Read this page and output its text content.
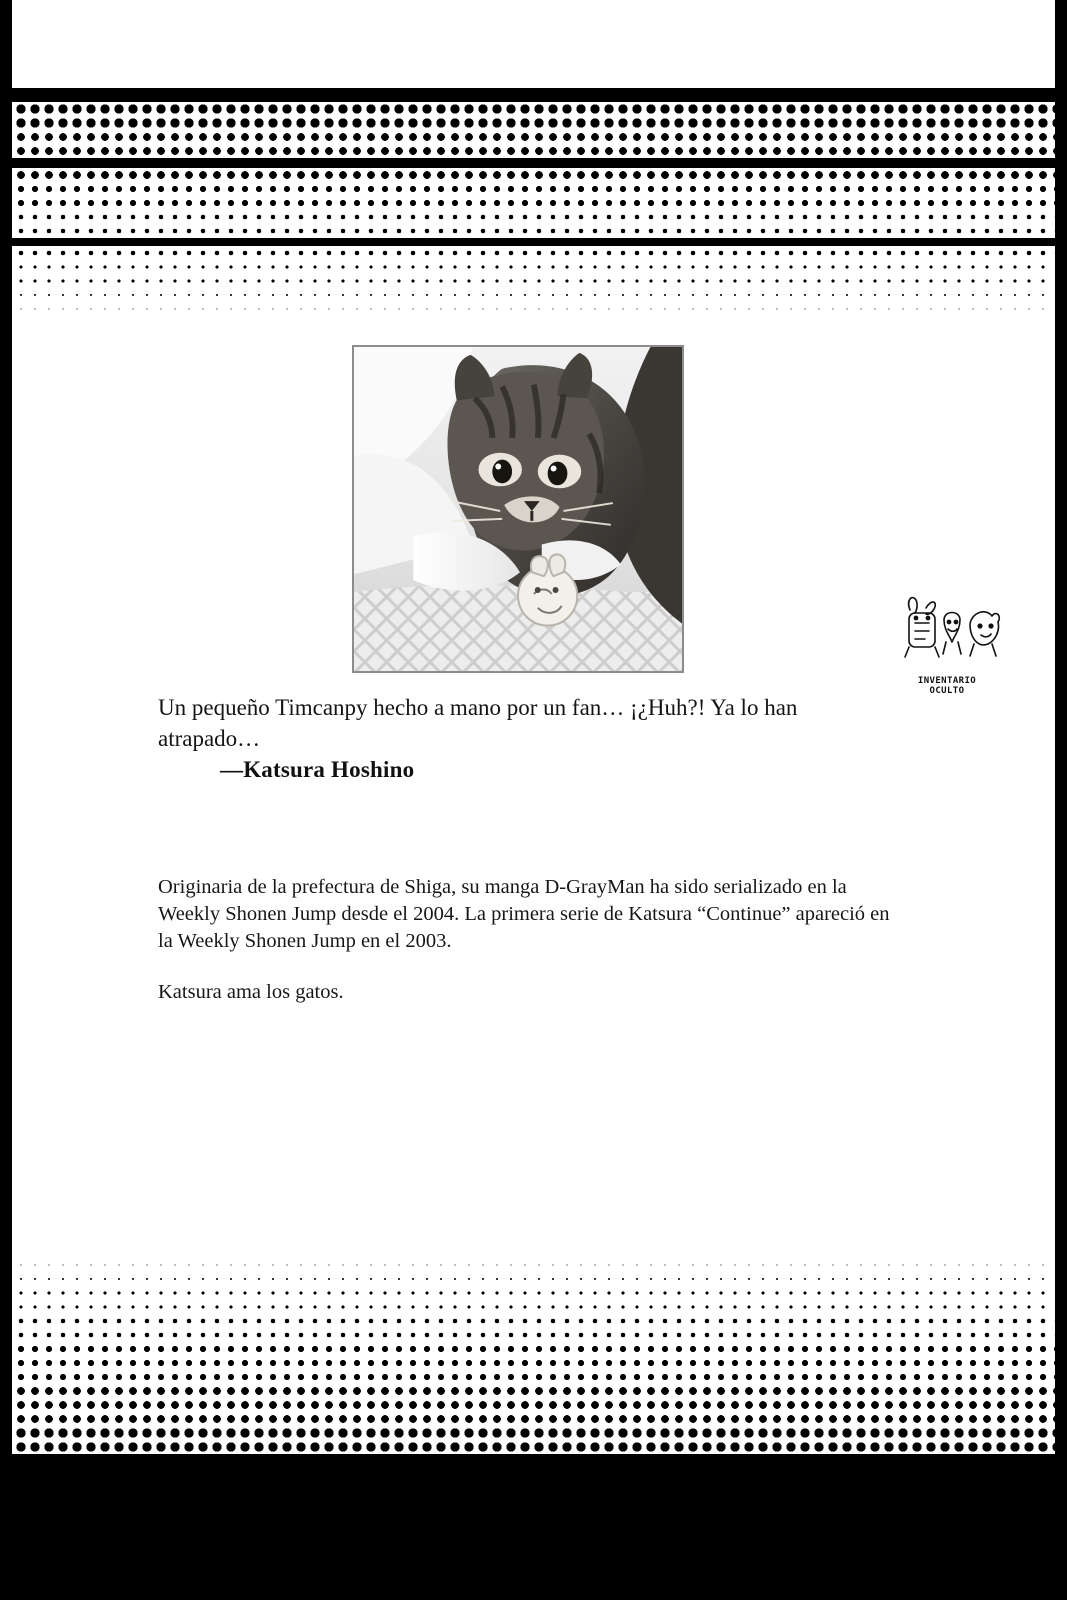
Un pequeño Timcanpy hecho a mano por un fan… ¡¿Huh?! Ya lo han atrapado…
—Katsura Hoshino
Originaria de la prefectura de Shiga, su manga D-GrayMan ha sido serializado en la Weekly Shonen Jump desde el 2004. La primera serie de Katsura “Continue” apareció en la Weekly Shonen Jump en el 2003.
Katsura ama los gatos.
INVENTARIO
OCULTO
